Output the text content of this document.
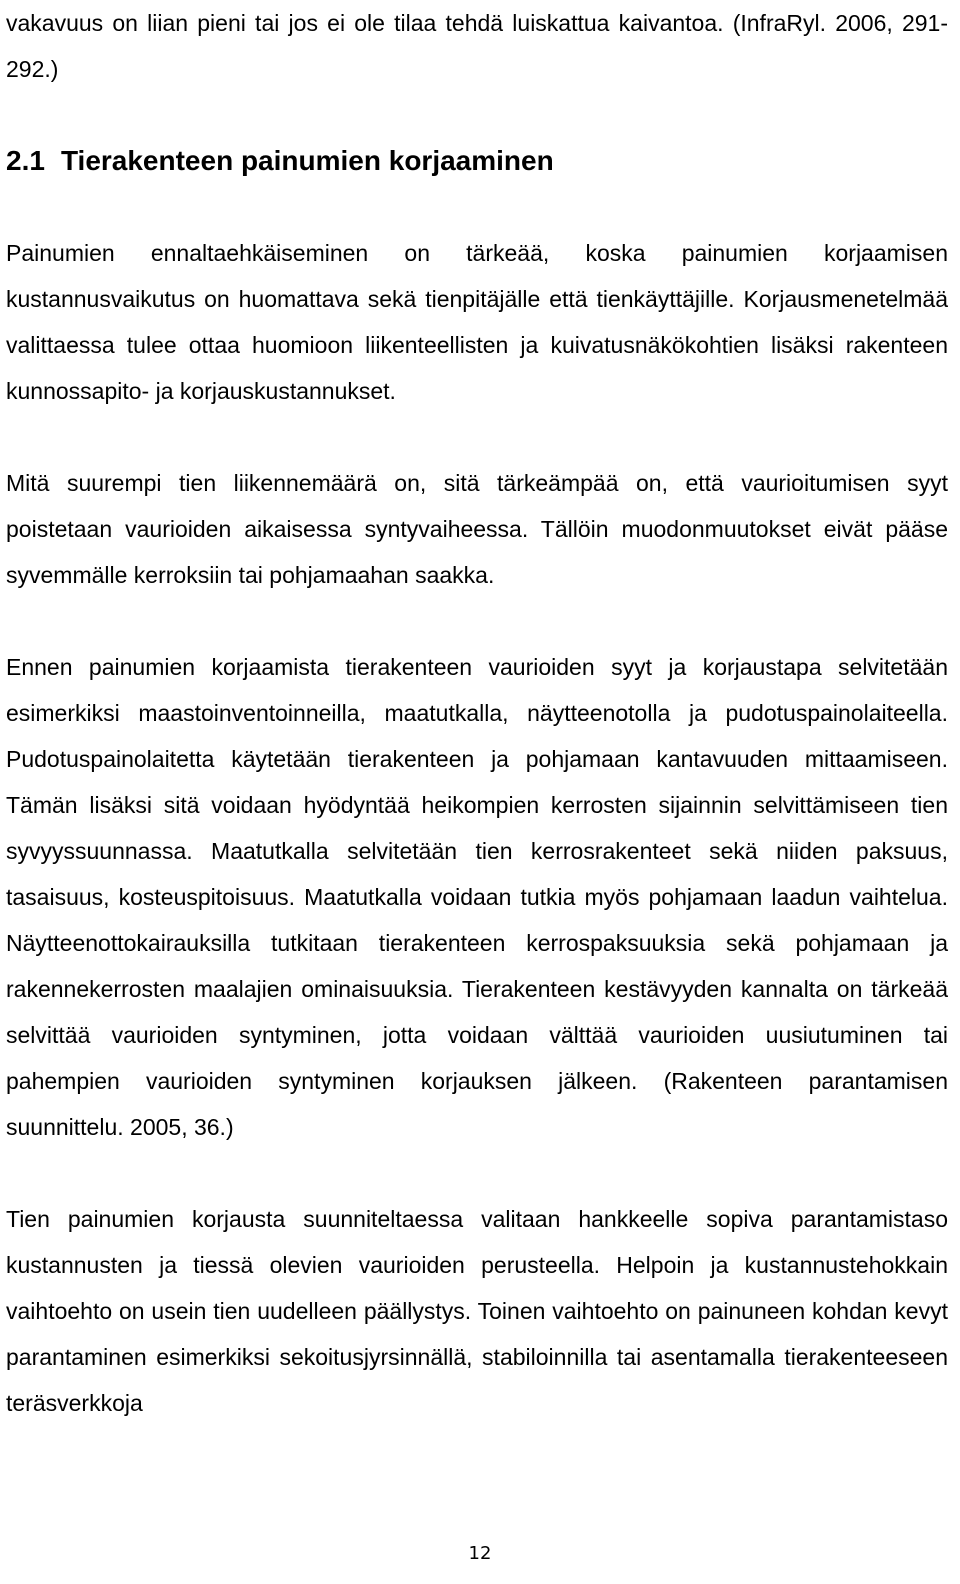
vakavuus on liian pieni tai jos ei ole tilaa tehdä luiskattua kaivantoa. (InfraRyl. 2006, 291- 292.)

2.1 Tierakenteen painumien korjaaminen

Painumien ennaltaehkäiseminen on tärkeää, koska painumien korjaamisen kustannusvaikutus on huomattava sekä tienpitäjälle että tienkäyttäjille. Korjausmenetelmää valittaessa tulee ottaa huomioon liikenteellisten ja kuivatusnäkökohtien lisäksi rakenteen kunnossapito- ja korjauskustannukset.

Mitä suurempi tien liikennemäärä on, sitä tärkeämpää on, että vaurioitumisen syyt poistetaan vaurioiden aikaisessa syntyvaiheessa. Tällöin muodonmuutokset eivät pääse syvemmälle kerroksiin tai pohjamaahan saakka.

Ennen painumien korjaamista tierakenteen vaurioiden syyt ja korjaustapa selvitetään esimerkiksi maastoinventoinneilla, maatutkalla, näytteenotolla ja pudotuspainolaiteella. Pudotuspainolaitetta käytetään tierakenteen ja pohjamaan kantavuuden mittaamiseen. Tämän lisäksi sitä voidaan hyödyntää heikompien kerrosten sijainnin selvittämiseen tien syvyyssuunnassa. Maatutkalla selvitetään tien kerrosrakenteet sekä niiden paksuus, tasaisuus, kosteuspitoisuus. Maatutkalla voidaan tutkia myös pohjamaan laadun vaihtelua. Näytteenottokairauksilla tutkitaan tierakenteen kerrospaksuuksia sekä pohjamaan ja rakennekerrosten maalajien ominaisuuksia. Tierakenteen kestävyyden kannalta on tärkeää selvittää vaurioiden syntyminen, jotta voidaan välttää vaurioiden uusiutuminen tai pahempien vaurioiden syntyminen korjauksen jälkeen. (Rakenteen parantamisen suunnittelu. 2005, 36.)

Tien painumien korjausta suunniteltaessa valitaan hankkeelle sopiva parantamistaso kustannusten ja tiessä olevien vaurioiden perusteella. Helpoin ja kustannustehokkain vaihtoehto on usein tien uudelleen päällystys. Toinen vaihtoehto on painuneen kohdan kevyt parantaminen esimerkiksi sekoitusjyrsinnällä, stabiloinnilla tai asentamalla tierakenteeseen teräsverkkoja

12
